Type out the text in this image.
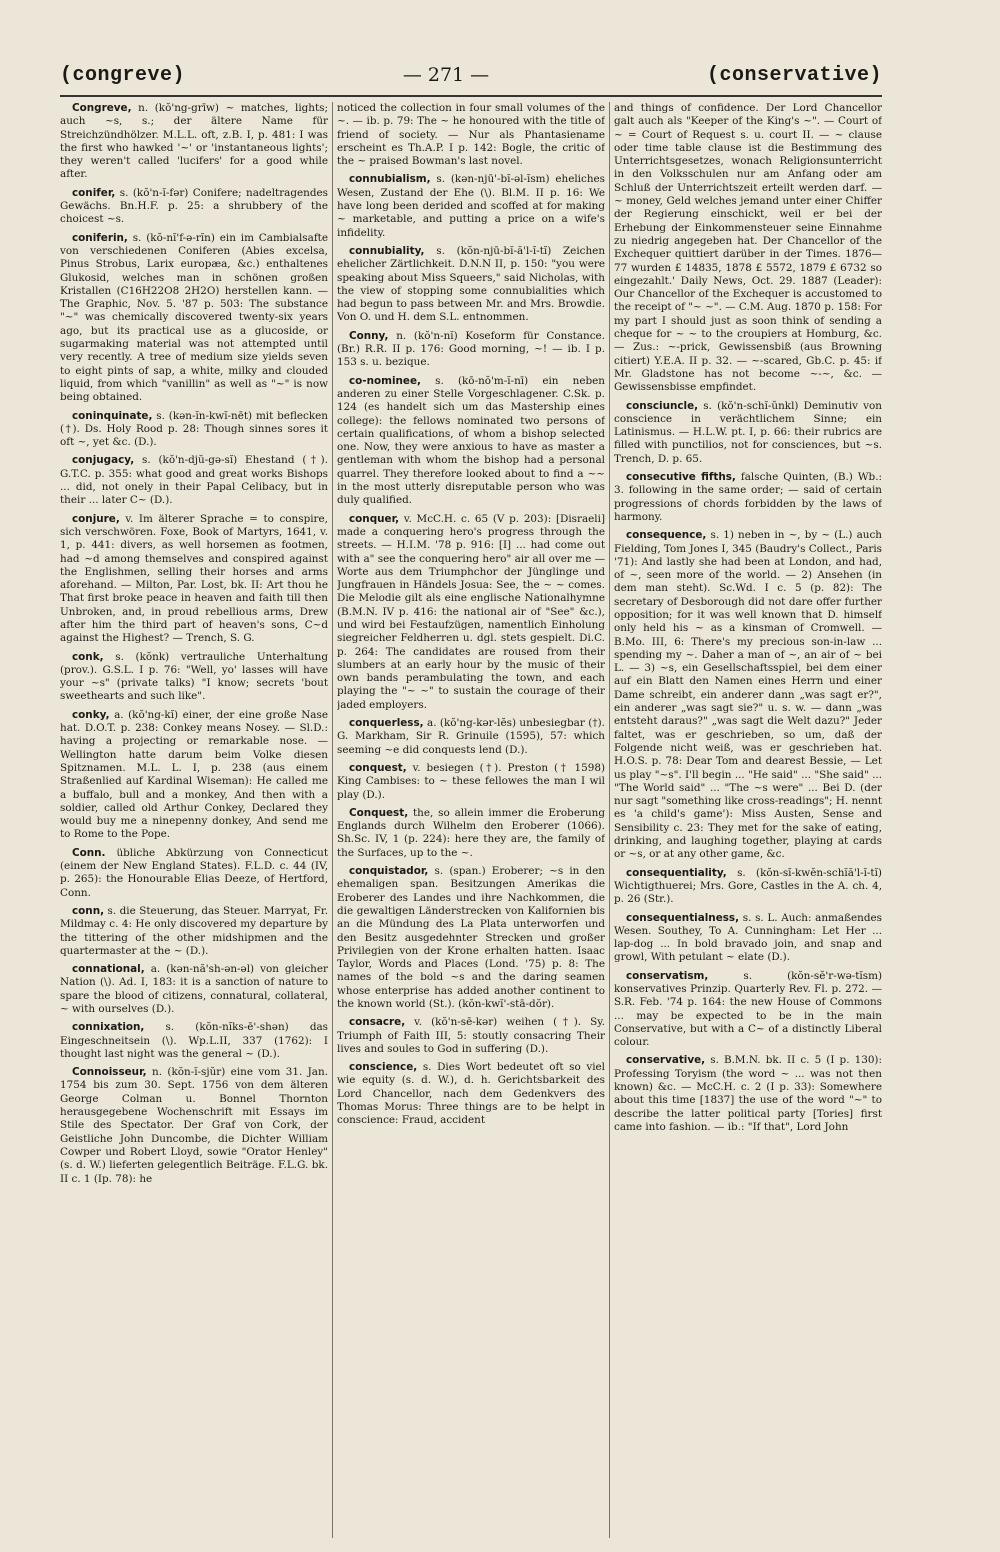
(congreve)	— 271 —	(conservative)

Congreve, n. (kŏ'ng-grīw) ~ matches, lights; auch ~s, s.; der ältere Name für Streichzündhölzer. M.L.L. oft, z.B. I, p. 481: I was the first who hawked '~' or 'instantaneous lights'; they weren't called 'lucifers' for a good while after.

conifer, s. (kŏ'n-ĭ-fər) Conifere; nadeltragendes Gewächs. Bn.H.F. p. 25: a shrubbery of the choicest ~s.

coniferin, s. (kŏ-nĭ'f-ə-rĭn) ein im Cambialsafte von verschiedenen Coniferen (Abies excelsa, Pinus Strobus, Larix europæa, &c.) enthaltenes Glukosid, welches man in schönen großen Kristallen (C16H22O8 2H2O) herstellen kann. — The Graphic, Nov. 5. '87 p. 503: The substance "~" was chemically discovered twenty-six years ago, but its practical use as a glucoside, or sugarmaking material was not attempted until very recently. A tree of medium size yields seven to eight pints of sap, a white, milky and clouded liquid, from which "vanillin" as well as "~" is now being obtained.

coninquinate, s. (kən-ĭn-kwĭ-nēt) mit beflecken (†). Ds. Holy Rood p. 28: Though sinnes sores it oft ~, yet &c. (D.).

conjugacy, s. (kŏ'n-djŭ-gə-sĭ) Ehestand (†). G.T.C. p. 355: what good and great works Bishops ... did, not onely in their Papal Celibacy, but in their ... later C~ (D.).

conjure, v. Im älterer Sprache = to conspire, sich verschwören. Foxe, Book of Martyrs, 1641, v. 1, p. 441: divers, as well horsemen as footmen, had ~d among themselves and conspired against the Englishmen, selling their horses and arms aforehand. — Milton, Par. Lost, bk. II: Art thou he That first broke peace in heaven and faith till then Unbroken, and, in proud rebellious arms, Drew after him the third part of heaven's sons, C~d against the Highest? — Trench, S. G.

conk, s. (kŏnk) vertrauliche Unterhaltung (prov.). G.S.L. I p. 76: "Well, yo' lasses will have your ~s" (private talks) "I know; secrets 'bout sweethearts and such like".

conky, a. (kŏ'ng-kĭ) einer, der eine große Nase hat. D.O.T. p. 238: Conkey means Nosey. — Sl.D.: having a projecting or remarkable nose. — Wellington hatte darum beim Volke diesen Spitznamen. M.L. L. I, p. 238 (aus einem Straßenlied auf Kardinal Wiseman): He called me a buffalo, bull and a monkey, And then with a soldier, called old Arthur Conkey, Declared they would buy me a ninepenny donkey, And send me to Rome to the Pope.

Conn. übliche Abkürzung von Connecticut (einem der New England States). F.L.D. c. 44 (IV, p. 265): the Honourable Elias Deeze, of Hertford, Conn.

conn, s. die Steuerung, das Steuer. Marryat, Fr. Mildmay c. 4: He only discovered my departure by the tittering of the other midshipmen and the quartermaster at the ~ (D.).

connational, a. (kən-nă'sh-ən-əl) von gleicher Nation (\). Ad. I, 183: it is a sanction of nature to spare the blood of citizens, connatural, collateral, ~ with ourselves (D.).

connixation, s. (kŏn-nĭks-ē'-shən) das Eingeschneitsein (\). Wp.L.II, 337 (1762): I thought last night was the general ~ (D.).

Connoisseur, n. (kŏn-ĭ-sjŭr) eine vom 31. Jan. 1754 bis zum 30. Sept. 1756 von dem älteren George Colman u. Bonnel Thornton herausgegebene Wochenschrift mit Essays im Stile des Spectator. Der Graf von Cork, der Geistliche John Duncombe, die Dichter William Cowper und Robert Lloyd, sowie "Orator Henley" (s. d. W.) lieferten gelegentlich Beiträge. F.L.G. bk. II c. 1 (Ip. 78): he

noticed the collection in four small volumes of the ~. — ib. p. 79: The ~ he honoured with the title of friend of society. — Nur als Phantasiename erscheint es Th.A.P. I p. 142: Bogle, the critic of the ~ praised Bowman's last novel.

connubialism, s. (kən-njū'-bĭ-əl-ĭsm) eheliches Wesen, Zustand der Ehe (\). Bl.M. II p. 16: We have long been derided and scoffed at for making ~ marketable, and putting a price on a wife's infidelity.

connubiality, s. (kŏn-njū-bĭ-ă'l-ĭ-tĭ) Zeichen ehelicher Zärtlichkeit. D.N.N II, p. 150: "you were speaking about Miss Squeers," said Nicholas, with the view of stopping some connubialities which had begun to pass between Mr. and Mrs. Browdie. Von O. und H. dem S.L. entnommen.

Conny, n. (kŏ'n-nĭ) Koseform für Constance. (Br.) R.R. II p. 176: Good morning, ~! — ib. I p. 153 s. u. bezique.

co-nominee, s. (kō-nŏ'm-ĭ-nī) ein neben anderen zu einer Stelle Vorgeschlagener. C.Sk. p. 124 (es handelt sich um das Mastership eines college): the fellows nominated two persons of certain qualifications, of whom a bishop selected one. Now, they were anxious to have as master a gentleman with whom the bishop had a personal quarrel. They therefore looked about to find a ~~ in the most utterly disreputable person who was duly qualified.

conquer, v. McC.H. c. 65 (V p. 203): [Disraeli] made a conquering hero's progress through the streets. — H.I.M. '78 p. 916: [I] ... had come out with a" see the conquering hero" air all over me — Worte aus dem Triumphchor der Jünglinge und Jungfrauen in Händels Josua: See, the ~ ~ comes. Die Melodie gilt als eine englische Nationalhymne (B.M.N. IV p. 416: the national air of "See" &c.), und wird bei Festaufzügen, namentlich Einholung siegreicher Feldherren u. dgl. stets gespielt. Di.C. p. 264: The candidates are roused from their slumbers at an early hour by the music of their own bands perambulating the town, and each playing the "~ ~" to sustain the courage of their jaded employers.

conquerless, a. (kŏ'ng-kər-lĕs) unbesiegbar (†). G. Markham, Sir R. Grinuile (1595), 57: which seeming ~e did conquests lend (D.).

conquest, v. besiegen (†). Preston († 1598) King Cambises: to ~ these fellowes the man I wil play (D.).

Conquest, the, so allein immer die Eroberung Englands durch Wilhelm den Eroberer (1066). Sh.Sc. IV, 1 (p. 224): here they are, the family of the Surfaces, up to the ~.

conquistador, s. (span.) Eroberer; ~s in den ehemaligen span. Besitzungen Amerikas die Eroberer des Landes und ihre Nachkommen, die die gewaltigen Länderstrecken von Kalifornien bis an die Mündung des La Plata unterworfen und den Besitz ausgedehnter Strecken und großer Privilegien von der Krone erhalten hatten. Isaac Taylor, Words and Places (Lond. '75) p. 8: The names of the bold ~s and the daring seamen whose enterprise has added another continent to the known world (St.). (kŏn-kwĭ'-stā-dŏr).

consacre, v. (kŏ'n-sē-kər) weihen (†). Sy. Triumph of Faith III, 5: stoutly consacring Their lives and soules to God in suffering (D.).

conscience, s. Dies Wort bedeutet oft so viel wie equity (s. d. W.), d. h. Gerichtsbarkeit des Lord Chancellor, nach dem Gedenkvers des Thomas Morus: Three things are to be helpt in conscience: Fraud, accident

and things of confidence. Der Lord Chancellor galt auch als "Keeper of the King's ~". — Court of ~ = Court of Request s. u. court II. — ~ clause oder time table clause ist die Bestimmung des Unterrichtsgesetzes, wonach Religionsunterricht in den Volksschulen nur am Anfang oder am Schluß der Unterrichtszeit erteilt werden darf. — ~ money, Geld welches jemand unter einer Chiffer der Regierung einschickt, weil er bei der Erhebung der Einkommensteuer seine Einnahme zu niedrig angegeben hat. Der Chancellor of the Exchequer quittiert darüber in der Times. 1876—77 wurden £ 14835, 1878 £ 5572, 1879 £ 6732 so eingezahlt.' Daily News, Oct. 29. 1887 (Leader): Our Chancellor of the Exchequer is accustomed to the receipt of "~ ~". — C.M. Aug. 1870 p. 158: For my part I should just as soon think of sending a cheque for ~ ~ to the croupiers at Homburg, &c. — Zus.: ~-prick, Gewissensbiß (aus Browning citiert) Y.E.A. II p. 32. — ~-scared, Gb.C. p. 45: if Mr. Gladstone has not become ~-~, &c. — Gewissensbisse empfindet.

consciuncle, s. (kŏ'n-schĭ-ŭnkl) Deminutiv von conscience in verächtlichem Sinne; ein Latinismus. — H.L.W. pt. I, p. 66: their rubrics are filled with punctilios, not for consciences, but ~s. Trench, D. p. 65.

consecutive fifths, falsche Quinten, (B.) Wb.: 3. following in the same order; — said of certain progressions of chords forbidden by the laws of harmony.

consequence, s. 1) neben in ~, by ~ (L.) auch Fielding, Tom Jones I, 345 (Baudry's Collect., Paris '71): And lastly she had been at London, and had, of ~, seen more of the world. — 2) Ansehen (in dem man steht). Sc.Wd. I c. 5 (p. 82): The secretary of Desborough did not dare offer further opposition; for it was well known that D. himself only held his ~ as a kinsman of Cromwell. — B.Mo. III, 6: There's my precious son-in-law ... spending my ~. Daher a man of ~, an air of ~ bei L. — 3) ~s, ein Gesellschaftsspiel, bei dem einer auf ein Blatt den Namen eines Herrn und einer Dame schreibt, ein anderer dann „was sagt er?", ein anderer „was sagt sie?" u. s. w. — dann „was entsteht daraus?" „was sagt die Welt dazu?" Jeder faltet, was er geschrieben, so um, daß der Folgende nicht weiß, was er geschrieben hat. H.O.S. p. 78: Dear Tom and dearest Bessie, — Let us play "~s". I'll begin ... "He said" ... "She said" ... "The World said" ... "The ~s were" ... Bei D. (der nur sagt "something like cross-readings"; H. nennt es 'a child's game'): Miss Austen, Sense and Sensibility c. 23: They met for the sake of eating, drinking, and laughing together, playing at cards or ~s, or at any other game, &c.

consequentiality, s. (kŏn-sĭ-kwĕn-schĭă'l-ĭ-tĭ) Wichtigthuerei; Mrs. Gore, Castles in the A. ch. 4, p. 26 (Str.).

consequentialness, s. s. L. Auch: anmaßendes Wesen. Southey, To A. Cunningham: Let Her ... lap-dog ... In bold bravado join, and snap and growl, With petulant ~ elate (D.).

conservatism,	s. (kŏn-sĕ'r-wə-tĭsm) konservatives Prinzip. Quarterly Rev. Fl. p. 272. — S.R. Feb. '74 p. 164: the new House of Commons ... may be expected to be in the main Conservative, but with a C~ of a distinctly Liberal colour.

conservative, s. B.M.N. bk. II c. 5 (I p. 130): Professing Toryism (the word ~ ... was not then known) &c. — McC.H. c. 2 (I p. 33): Somewhere about this time [1837] the use of the word "~" to describe the latter political party [Tories] first came into fashion. — ib.: "If that", Lord John
